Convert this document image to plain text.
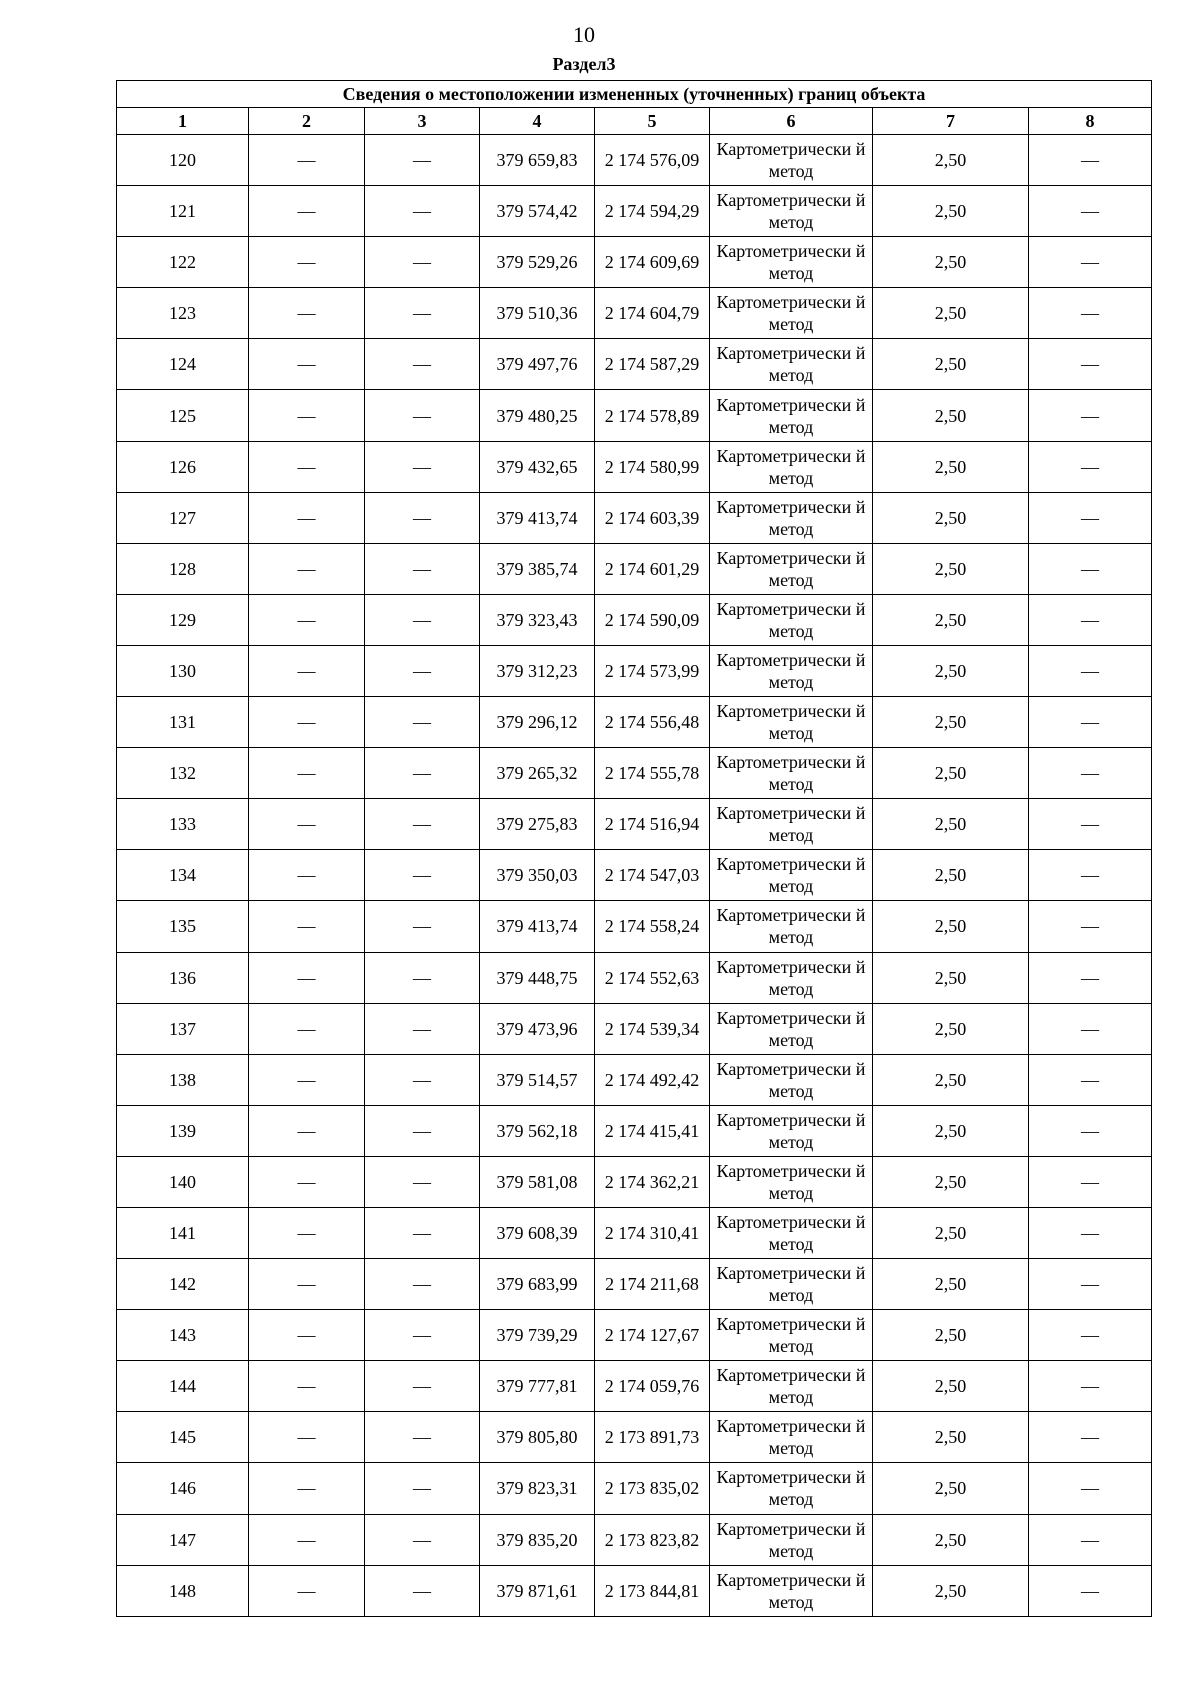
10
Раздел3
Сведения о местоположении измененных (уточненных) границ объекта							
1	2	3	4	5	6	7	8
120	—	—	379 659,83	2 174 576,09	Картометрически й метод	2,50	—
121	—	—	379 574,42	2 174 594,29	Картометрически й метод	2,50	—
122	—	—	379 529,26	2 174 609,69	Картометрически й метод	2,50	—
123	—	—	379 510,36	2 174 604,79	Картометрически й метод	2,50	—
124	—	—	379 497,76	2 174 587,29	Картометрически й метод	2,50	—
125	—	—	379 480,25	2 174 578,89	Картометрически й метод	2,50	—
126	—	—	379 432,65	2 174 580,99	Картометрически й метод	2,50	—
127	—	—	379 413,74	2 174 603,39	Картометрически й метод	2,50	—
128	—	—	379 385,74	2 174 601,29	Картометрически й метод	2,50	—
129	—	—	379 323,43	2 174 590,09	Картометрически й метод	2,50	—
130	—	—	379 312,23	2 174 573,99	Картометрически й метод	2,50	—
131	—	—	379 296,12	2 174 556,48	Картометрически й метод	2,50	—
132	—	—	379 265,32	2 174 555,78	Картометрически й метод	2,50	—
133	—	—	379 275,83	2 174 516,94	Картометрически й метод	2,50	—
134	—	—	379 350,03	2 174 547,03	Картометрически й метод	2,50	—
135	—	—	379 413,74	2 174 558,24	Картометрически й метод	2,50	—
136	—	—	379 448,75	2 174 552,63	Картометрически й метод	2,50	—
137	—	—	379 473,96	2 174 539,34	Картометрически й метод	2,50	—
138	—	—	379 514,57	2 174 492,42	Картометрически й метод	2,50	—
139	—	—	379 562,18	2 174 415,41	Картометрически й метод	2,50	—
140	—	—	379 581,08	2 174 362,21	Картометрически й метод	2,50	—
141	—	—	379 608,39	2 174 310,41	Картометрически й метод	2,50	—
142	—	—	379 683,99	2 174 211,68	Картометрически й метод	2,50	—
143	—	—	379 739,29	2 174 127,67	Картометрически й метод	2,50	—
144	—	—	379 777,81	2 174 059,76	Картометрически й метод	2,50	—
145	—	—	379 805,80	2 173 891,73	Картометрически й метод	2,50	—
146	—	—	379 823,31	2 173 835,02	Картометрически й метод	2,50	—
147	—	—	379 835,20	2 173 823,82	Картометрически й метод	2,50	—
148	—	—	379 871,61	2 173 844,81	Картометрически й метод	2,50	—
